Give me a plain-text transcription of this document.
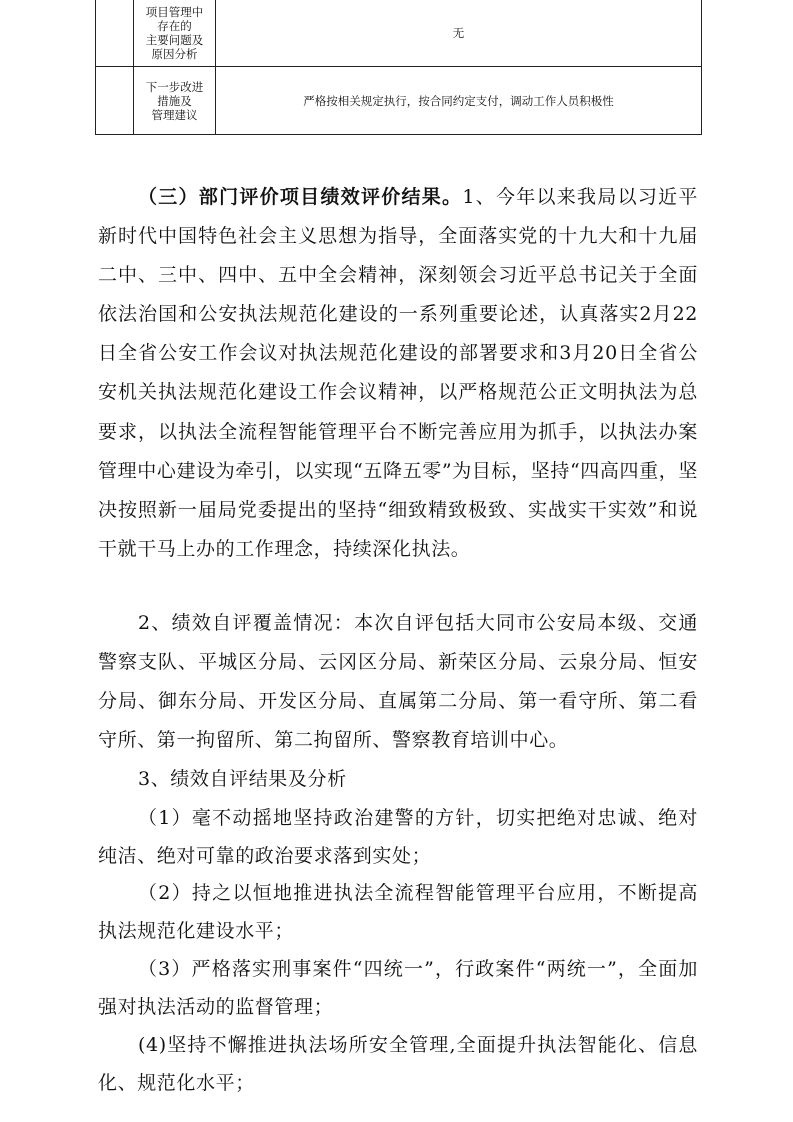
	项目管理中
存在的
主要问题及
原因分析	无
	下一步改进
措施及
管理建议	严格按相关规定执行，按合同约定支付，调动工作人员积极性

（三）部门评价项目绩效评价结果。1、今年以来我局以习近平新时代中国特色社会主义思想为指导，全面落实党的十九大和十九届二中、三中、四中、五中全会精神，深刻领会习近平总书记关于全面依法治国和公安执法规范化建设的一系列重要论述，认真落实2月22日全省公安工作会议对执法规范化建设的部署要求和3月20日全省公安机关执法规范化建设工作会议精神，以严格规范公正文明执法为总要求，以执法全流程智能管理平台不断完善应用为抓手，以执法办案管理中心建设为牵引，以实现“五降五零”为目标，坚持“四高四重，坚决按照新一届局党委提出的坚持“细致精致极致、实战实干实效”和说干就干马上办的工作理念，持续深化执法。

2、绩效自评覆盖情况：本次自评包括大同市公安局本级、交通警察支队、平城区分局、云冈区分局、新荣区分局、云泉分局、恒安分局、御东分局、开发区分局、直属第二分局、第一看守所、第二看守所、第一拘留所、第二拘留所、警察教育培训中心。

3、绩效自评结果及分析

（1）毫不动摇地坚持政治建警的方针，切实把绝对忠诚、绝对纯洁、绝对可靠的政治要求落到实处；

（2）持之以恒地推进执法全流程智能管理平台应用，不断提高执法规范化建设水平；

（3）严格落实刑事案件“四统一”，行政案件“两统一”，全面加强对执法活动的监督管理；

(4)坚持不懈推进执法场所安全管理,全面提升执法智能化、信息化、规范化水平；
